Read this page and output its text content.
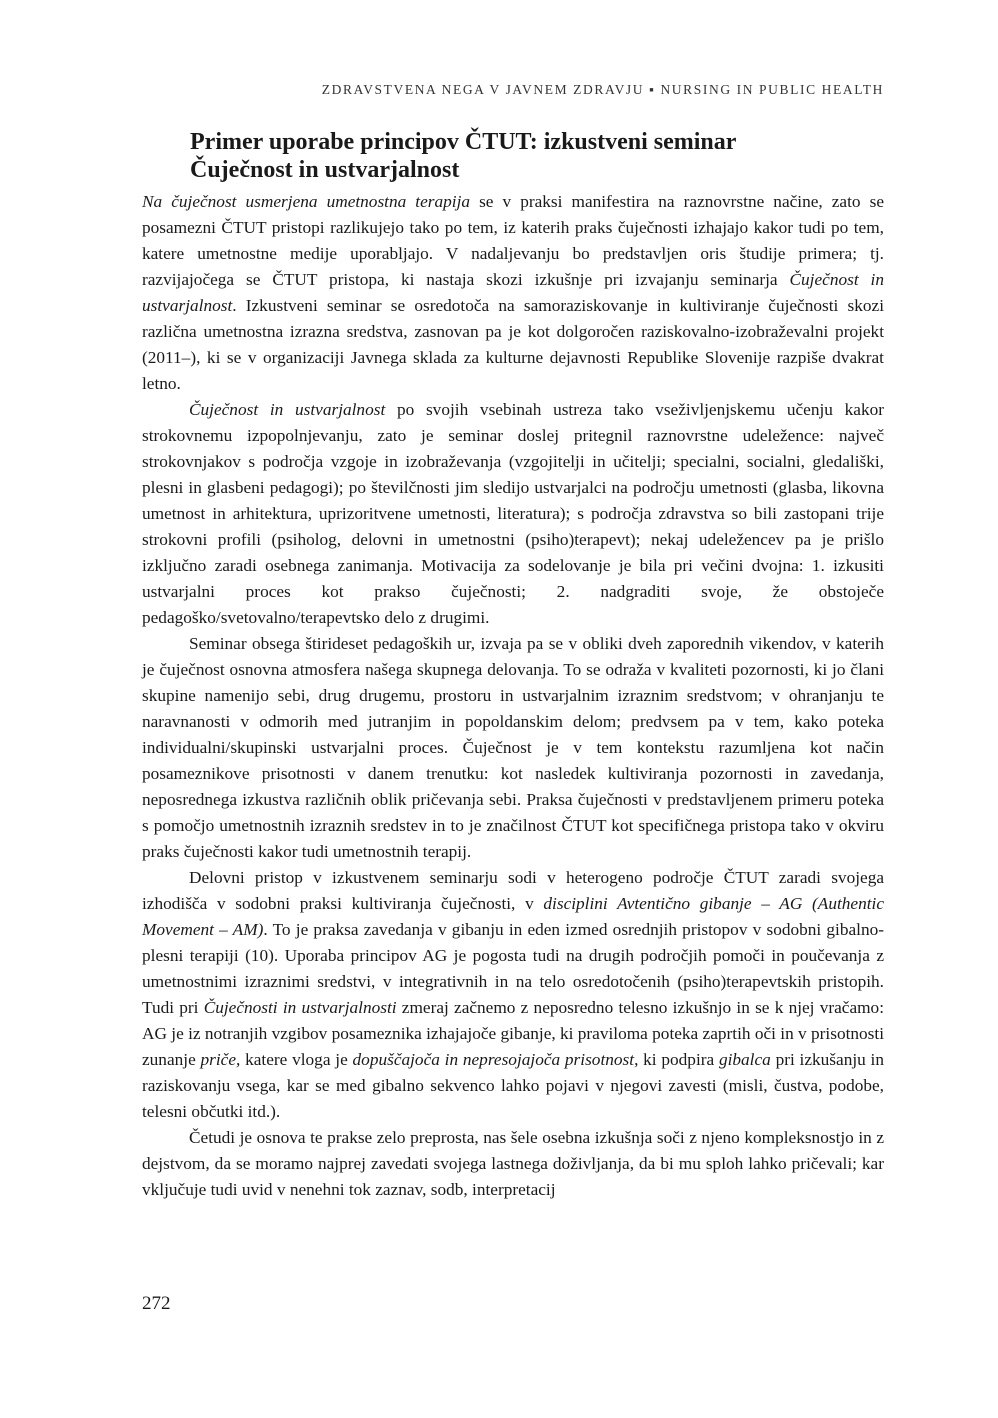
ZDRAVSTVENA NEGA V JAVNEM ZDRAVJU ▪ NURSING IN PUBLIC HEALTH
Primer uporabe principov ČTUT: izkustveni seminar
Čuječnost in ustvarjalnost

Na čuječnost usmerjena umetnostna terapija se v praksi manifestira na raznovrstne načine, zato se posamezni ČTUT pristopi razlikujejo tako po tem, iz katerih praks čuječnosti izhajajo kakor tudi po tem, katere umetnostne medije uporabljajo. V nadaljevanju bo predstavljen oris študije primera; tj. razvijajočega se ČTUT pristopa, ki nastaja skozi izkušnje pri izvajanju seminarja Čuječnost in ustvarjalnost. Izkustveni seminar se osredotoča na samoraziskovanje in kultiviranje čuječnosti skozi različna umetnostna izrazna sredstva, zasnovan pa je kot dolgoročen raziskovalno-izobraževalni projekt (2011–), ki se v organizaciji Javnega sklada za kulturne dejavnosti Republike Slovenije razpiše dvakrat letno.

Čuječnost in ustvarjalnost po svojih vsebinah ustreza tako vseživljenjskemu učenju kakor strokovnemu izpopolnjevanju, zato je seminar doslej pritegnil raznovrstne udeležence: največ strokovnjakov s področja vzgoje in izobraževanja (vzgojitelji in učitelji; specialni, socialni, gledališki, plesni in glasbeni pedagogi); po številčnosti jim sledijo ustvarjalci na področju umetnosti (glasba, likovna umetnost in arhitektura, uprizoritvene umetnosti, literatura); s področja zdravstva so bili zastopani trije strokovni profili (psiholog, delovni in umetnostni (psiho)terapevt); nekaj udeležencev pa je prišlo izključno zaradi osebnega zanimanja. Motivacija za sodelovanje je bila pri večini dvojna: 1. izkusiti ustvarjalni proces kot prakso čuječnosti; 2. nadgraditi svoje, že obstoječe pedagoško/svetovalno/terapevtsko delo z drugimi.

Seminar obsega štirideset pedagoških ur, izvaja pa se v obliki dveh zaporednih vikendov, v katerih je čuječnost osnovna atmosfera našega skupnega delovanja. To se odraža v kvaliteti pozornosti, ki jo člani skupine namenijo sebi, drug drugemu, prostoru in ustvarjalnim izraznim sredstvom; v ohranjanju te naravnanosti v odmorih med jutranjim in popoldanskim delom; predvsem pa v tem, kako poteka individualni/skupinski ustvarjalni proces. Čuječnost je v tem kontekstu razumljena kot način posameznikove prisotnosti v danem trenutku: kot nasledek kultiviranja pozornosti in zavedanja, neposrednega izkustva različnih oblik pričevanja sebi. Praksa čuječnosti v predstavljenem primeru poteka s pomočjo umetnostnih izraznih sredstev in to je značilnost ČTUT kot specifičnega pristopa tako v okviru praks čuječnosti kakor tudi umetnostnih terapij.

Delovni pristop v izkustvenem seminarju sodi v heterogeno področje ČTUT zaradi svojega izhodišča v sodobni praksi kultiviranja čuječnosti, v disciplini Avtentično gibanje – AG (Authentic Movement – AM). To je praksa zavedanja v gibanju in eden izmed osrednjih pristopov v sodobni gibalno-plesni terapiji (10). Uporaba principov AG je pogosta tudi na drugih področjih pomoči in poučevanja z umetnostnimi izraznimi sredstvi, v integrativnih in na telo osredotočenih (psiho)terapevtskih pristopih. Tudi pri Čuječnosti in ustvarjalnosti zmeraj začnemo z neposredno telesno izkušnjo in se k njej vračamo: AG je iz notranjih vzgibov posameznika izhajajoče gibanje, ki praviloma poteka zaprtih oči in v prisotnosti zunanje priče, katere vloga je dopuščajoča in nepresojajoča prisotnost, ki podpira gibalca pri izkušanju in raziskovanju vsega, kar se med gibalno sekvenco lahko pojavi v njegovi zavesti (misli, čustva, podobe, telesni občutki itd.).

Četudi je osnova te prakse zelo preprosta, nas šele osebna izkušnja soči z njeno kompleksnostjo in z dejstvom, da se moramo najprej zavedati svojega lastnega doživljanja, da bi mu sploh lahko pričevali; kar vključuje tudi uvid v nenehni tok zaznav, sodb, interpretacij

272
